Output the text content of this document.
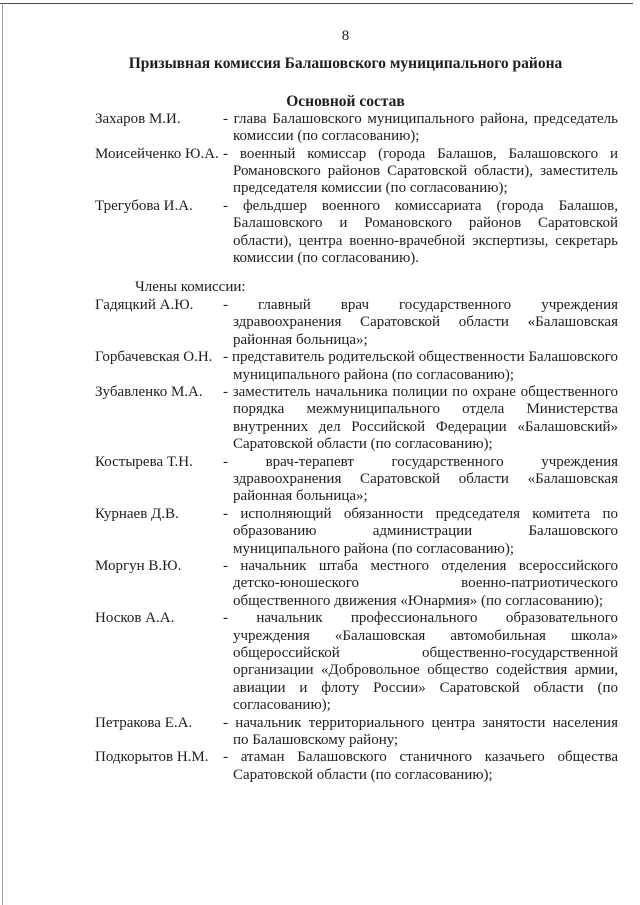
8
Призывная комиссия Балашовского муниципального района
Основной состав
Захаров М.И.	- глава Балашовского муниципального района, председатель комиссии (по согласованию);
Моисейченко Ю.А. - военный комиссар (города Балашов, Балашовского и Романовского районов Саратовской области), заместитель председателя комиссии (по согласованию);
Трегубова И.А.	- фельдшер военного комиссариата (города Балашов, Балашовского и Романовского районов Саратовской области), центра военно-врачебной экспертизы, секретарь комиссии (по согласованию).
Члены комиссии:
Гадяцкий А.Ю.	- главный врач государственного учреждения здравоохранения Саратовской области «Балашовская районная больница»;
Горбачевская О.Н. - представитель родительской общественности Балашовского муниципального района (по согласованию);
Зубавленко М.А.	- заместитель начальника полиции по охране общественного порядка межмуниципального отдела Министерства внутренних дел Российской Федерации «Балашовский» Саратовской области (по согласованию);
Костырева Т.Н.	-	врач-терапевт государственного учреждения здравоохранения Саратовской области «Балашовская районная больница»;
Курнаев Д.В.	- исполняющий обязанности председателя комитета по образованию администрации Балашовского муниципального района (по согласованию);
Моргун В.Ю.	- начальник штаба местного отделения всероссийского детско-юношеского военно-патриотического общественного движения «Юнармия» (по согласованию);
Носков А.А.	- начальник профессионального образовательного учреждения «Балашовская автомобильная школа» общероссийской общественно-государственной организации «Добровольное общество содействия армии, авиации и флоту России» Саратовской области (по согласованию);
Петракова Е.А.	- начальник территориального центра занятости населения по Балашовскому району;
Подкорытов Н.М. - атаман Балашовского станичного казачьего общества Саратовской области (по согласованию);
